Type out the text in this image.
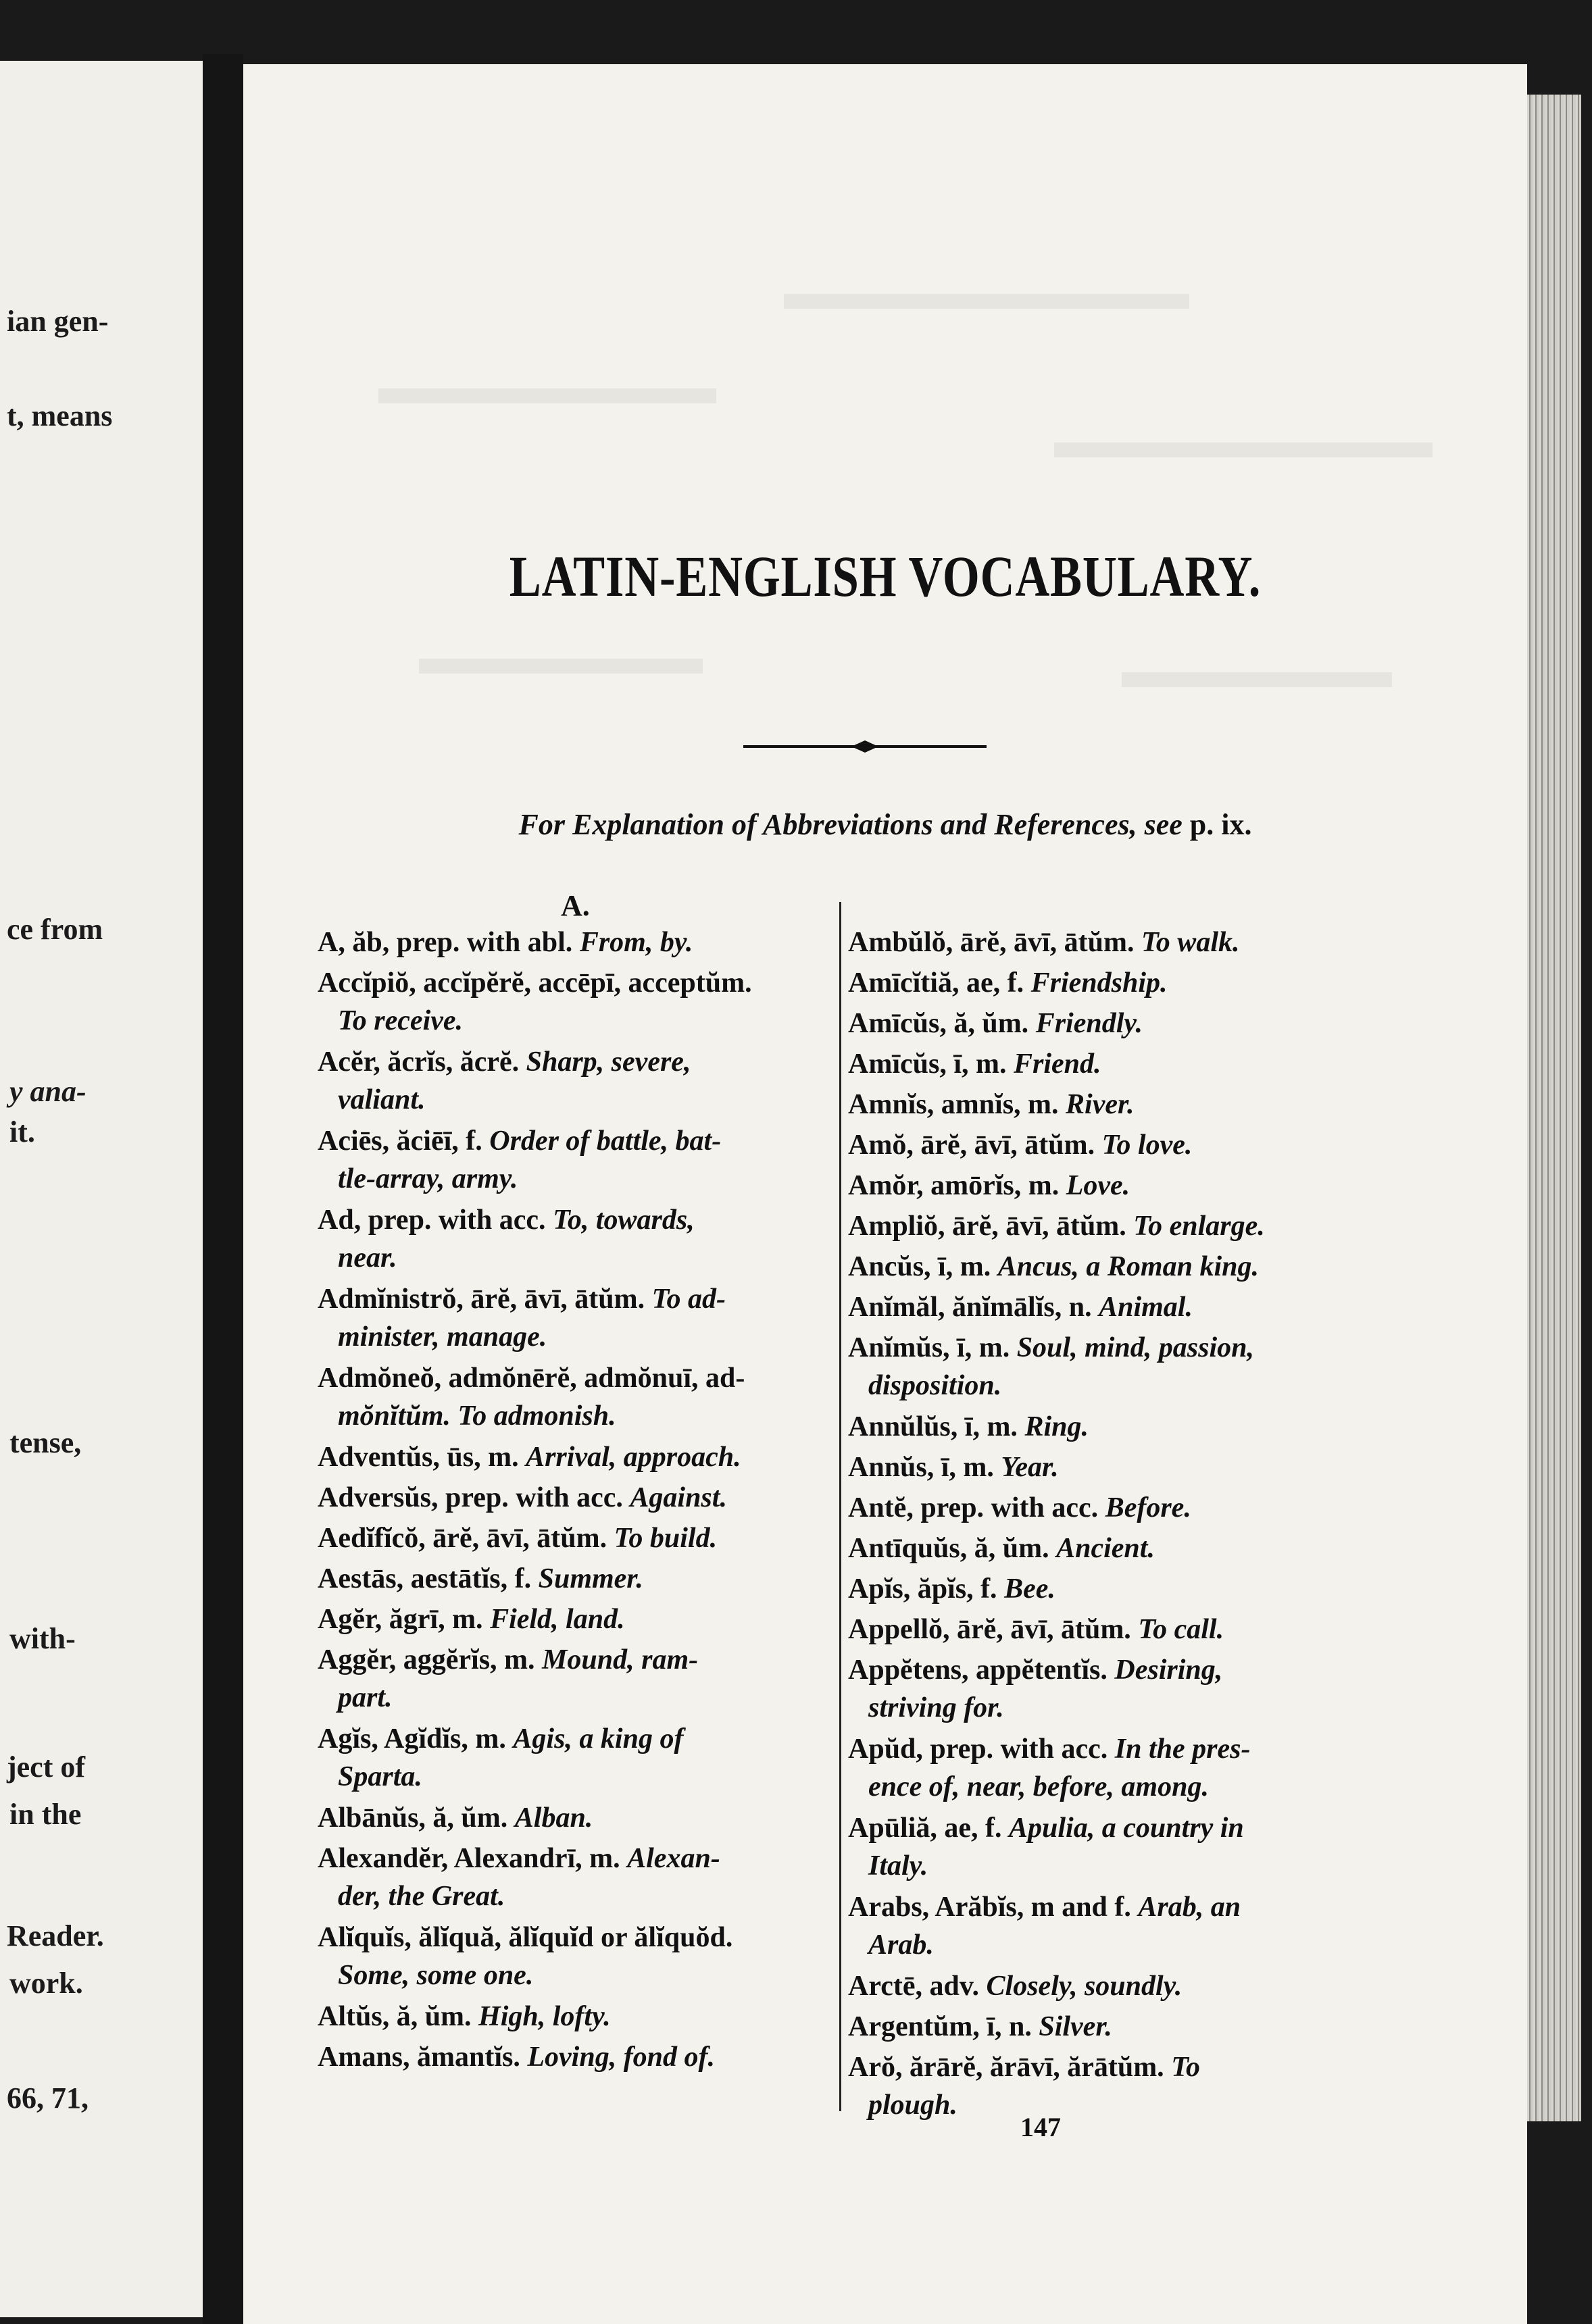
ian gen-
t, means
ce from
y ana-
it.
tense,
with-
ject of
in the
Reader.
work.
66, 71,
LATIN-ENGLISH VOCABULARY.
For Explanation of Abbreviations and References, see p. ix.
A.
A, ăb, prep. with abl. From, by.
Accĭpiŏ, accĭpĕrĕ, accēpī, acceptŭm.
To receive.
Acĕr, ăcrĭs, ăcrĕ. Sharp, severe,
valiant.
Aciēs, ăciēī, f. Order of battle, bat-
tle-array, army.
Ad, prep. with acc. To, towards,
near.
Admĭnistrŏ, ārĕ, āvī, ātŭm. To ad-
minister, manage.
Admŏneŏ, admŏnērĕ, admŏnuī, ad-
mŏnĭtŭm. To admonish.
Adventŭs, ūs, m. Arrival, approach.
Adversŭs, prep. with acc. Against.
Aedĭfĭcŏ, ārĕ, āvī, ātŭm. To build.
Aestās, aestātĭs, f. Summer.
Agĕr, ăgrī, m. Field, land.
Aggĕr, aggĕrĭs, m. Mound, ram-
part.
Agĭs, Agĭdĭs, m. Agis, a king of
Sparta.
Albānŭs, ă, ŭm. Alban.
Alexandĕr, Alexandrī, m. Alexan-
der, the Great.
Alĭquĭs, ălĭquă, ălĭquĭd or ălĭquŏd.
Some, some one.
Altŭs, ă, ŭm. High, lofty.
Amans, ămantĭs. Loving, fond of.
Ambŭlŏ, ārĕ, āvī, ātŭm. To walk.
Amīcĭtiă, ae, f. Friendship.
Amīcŭs, ă, ŭm. Friendly.
Amīcŭs, ī, m. Friend.
Amnĭs, amnĭs, m. River.
Amŏ, ārĕ, āvī, ātŭm. To love.
Amŏr, amōrĭs, m. Love.
Ampliŏ, ārĕ, āvī, ātŭm. To enlarge.
Ancŭs, ī, m. Ancus, a Roman king.
Anĭmăl, ănĭmālĭs, n. Animal.
Anĭmŭs, ī, m. Soul, mind, passion,
disposition.
Annŭlŭs, ī, m. Ring.
Annŭs, ī, m. Year.
Antĕ, prep. with acc. Before.
Antīquŭs, ă, ŭm. Ancient.
Apĭs, ăpĭs, f. Bee.
Appellŏ, ārĕ, āvī, ātŭm. To call.
Appĕtens, appĕtentĭs. Desiring,
striving for.
Apŭd, prep. with acc. In the pres-
ence of, near, before, among.
Apūliă, ae, f. Apulia, a country in
Italy.
Arabs, Arăbĭs, m and f. Arab, an
Arab.
Arctē, adv. Closely, soundly.
Argentŭm, ī, n. Silver.
Arŏ, ărārĕ, ărāvī, ărātŭm. To
plough.
147
